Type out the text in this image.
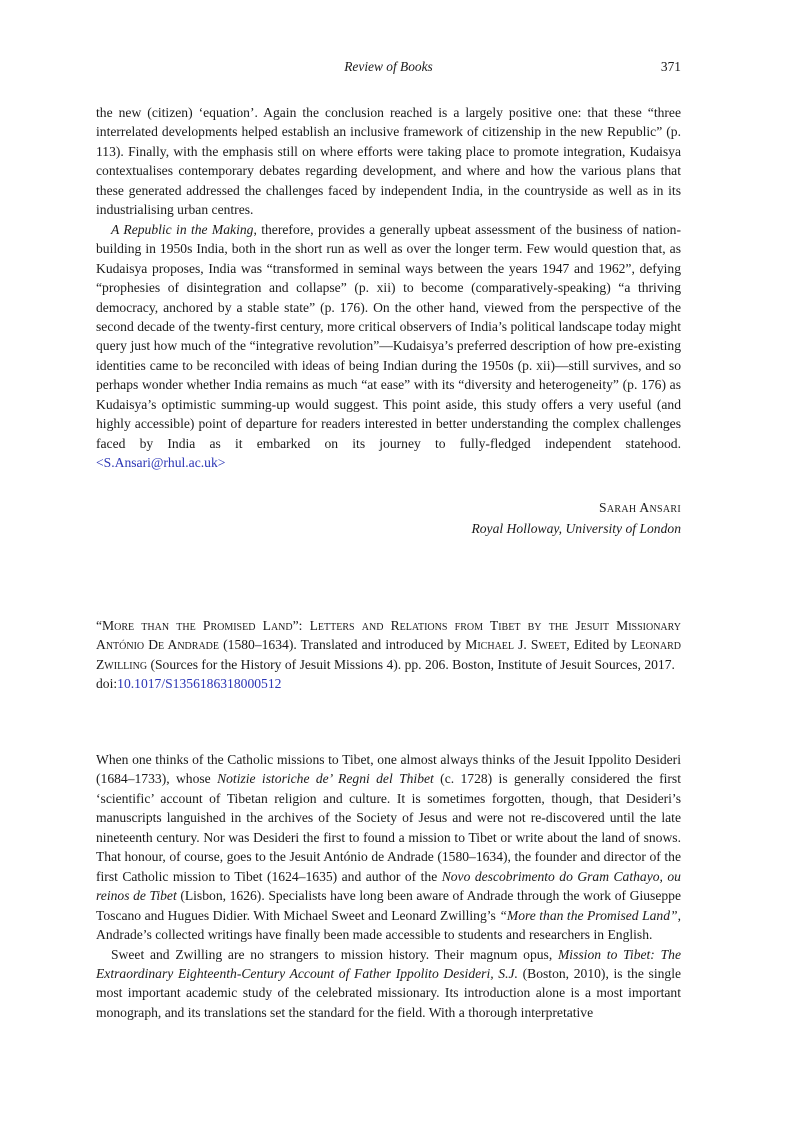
Review of Books	371

the new (citizen) ‘equation’. Again the conclusion reached is a largely positive one: that these “three interrelated developments helped establish an inclusive framework of citizenship in the new Republic” (p. 113). Finally, with the emphasis still on where efforts were taking place to promote integration, Kudaisya contextualises contemporary debates regarding development, and where and how the various plans that these generated addressed the challenges faced by independent India, in the countryside as well as in its industrialising urban centres.

A Republic in the Making, therefore, provides a generally upbeat assessment of the business of nation-building in 1950s India, both in the short run as well as over the longer term. Few would question that, as Kudaisya proposes, India was “transformed in seminal ways between the years 1947 and 1962”, defying “prophesies of disintegration and collapse” (p. xii) to become (comparatively-speaking) “a thriving democracy, anchored by a stable state” (p. 176). On the other hand, viewed from the perspective of the second decade of the twenty-first century, more critical observers of India’s political landscape today might query just how much of the “integrative revolution”—Kudaisya’s preferred description of how pre-existing identities came to be reconciled with ideas of being Indian during the 1950s (p. xii)—still survives, and so perhaps wonder whether India remains as much “at ease” with its “diversity and heterogeneity” (p. 176) as Kudaisya’s optimistic summing-up would suggest. This point aside, this study offers a very useful (and highly accessible) point of departure for readers interested in better understanding the complex challenges faced by India as it embarked on its journey to fully-fledged independent statehood. <S.Ansari@rhul.ac.uk>

Sarah Ansari
Royal Holloway, University of London

“More than the Promised Land”: Letters and Relations from Tibet by the Jesuit Missionary António De Andrade (1580–1634). Translated and introduced by Michael J. Sweet, Edited by Leonard Zwilling (Sources for the History of Jesuit Missions 4). pp. 206. Boston, Institute of Jesuit Sources, 2017.

doi:10.1017/S1356186318000512

When one thinks of the Catholic missions to Tibet, one almost always thinks of the Jesuit Ippolito Desideri (1684–1733), whose Notizie istoriche de’ Regni del Thibet (c. 1728) is generally considered the first ‘scientific’ account of Tibetan religion and culture. It is sometimes forgotten, though, that Desideri’s manuscripts languished in the archives of the Society of Jesus and were not re-discovered until the late nineteenth century. Nor was Desideri the first to found a mission to Tibet or write about the land of snows. That honour, of course, goes to the Jesuit António de Andrade (1580–1634), the founder and director of the first Catholic mission to Tibet (1624–1635) and author of the Novo descobrimento do Gram Cathayo, ou reinos de Tibet (Lisbon, 1626). Specialists have long been aware of Andrade through the work of Giuseppe Toscano and Hugues Didier. With Michael Sweet and Leonard Zwilling’s “More than the Promised Land”, Andrade’s collected writings have finally been made accessible to students and researchers in English.

Sweet and Zwilling are no strangers to mission history. Their magnum opus, Mission to Tibet: The Extraordinary Eighteenth-Century Account of Father Ippolito Desideri, S.J. (Boston, 2010), is the single most important academic study of the celebrated missionary. Its introduction alone is a most important monograph, and its translations set the standard for the field. With a thorough interpretative
